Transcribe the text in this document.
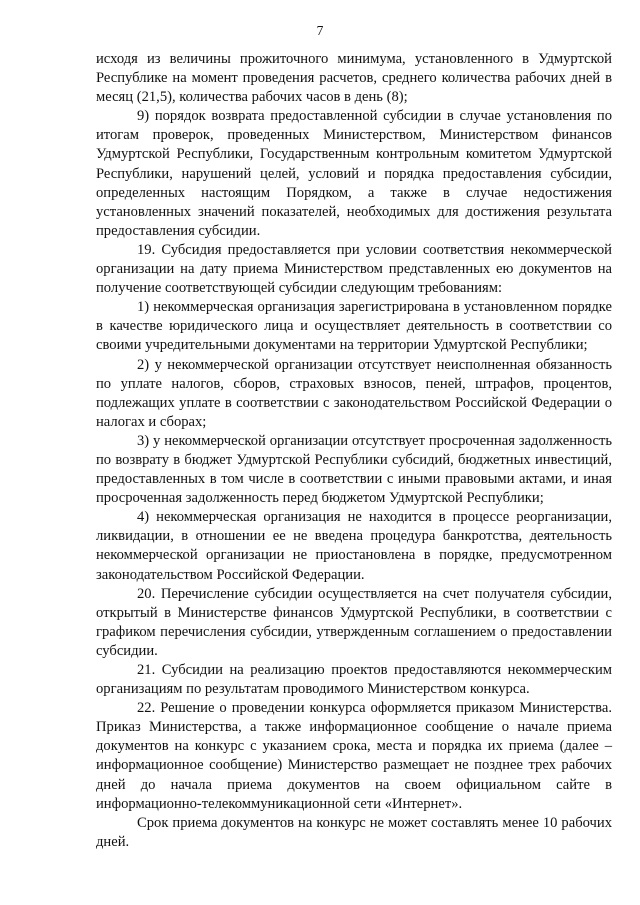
7

исходя из величины прожиточного минимума, установленного в Удмуртской Республике на момент проведения расчетов, среднего количества рабочих дней в месяц (21,5), количества рабочих часов в день (8);

9) порядок возврата предоставленной субсидии в случае установления по итогам проверок, проведенных Министерством, Министерством финансов Удмуртской Республики, Государственным контрольным комитетом Удмуртской Республики, нарушений целей, условий и порядка предоставления субсидии, определенных настоящим Порядком, а также в случае недостижения установленных значений показателей, необходимых для достижения результата предоставления субсидии.

19. Субсидия предоставляется при условии соответствия некоммерческой организации на дату приема Министерством представленных ею документов на получение соответствующей субсидии следующим требованиям:

1) некоммерческая организация зарегистрирована в установленном порядке в качестве юридического лица и осуществляет деятельность в соответствии со своими учредительными документами на территории Удмуртской Республики;

2) у некоммерческой организации отсутствует неисполненная обязанность по уплате налогов, сборов, страховых взносов, пеней, штрафов, процентов, подлежащих уплате в соответствии с законодательством Российской Федерации о налогах и сборах;

3) у некоммерческой организации отсутствует просроченная задолженность по возврату в бюджет Удмуртской Республики субсидий, бюджетных инвестиций, предоставленных в том числе в соответствии с иными правовыми актами, и иная просроченная задолженность перед бюджетом Удмуртской Республики;

4) некоммерческая организация не находится в процессе реорганизации, ликвидации, в отношении ее не введена процедура банкротства, деятельность некоммерческой организации не приостановлена в порядке, предусмотренном законодательством Российской Федерации.

20. Перечисление субсидии осуществляется на счет получателя субсидии, открытый в Министерстве финансов Удмуртской Республики, в соответствии с графиком перечисления субсидии, утвержденным соглашением о предоставлении субсидии.

21. Субсидии на реализацию проектов предоставляются некоммерческим организациям по результатам проводимого Министерством конкурса.

22. Решение о проведении конкурса оформляется приказом Министерства. Приказ Министерства, а также информационное сообщение о начале приема документов на конкурс с указанием срока, места и порядка их приема (далее – информационное сообщение) Министерство размещает не позднее трех рабочих дней до начала приема документов на своем официальном сайте в информационно-телекоммуникационной сети «Интернет».

Срок приема документов на конкурс не может составлять менее 10 рабочих дней.
